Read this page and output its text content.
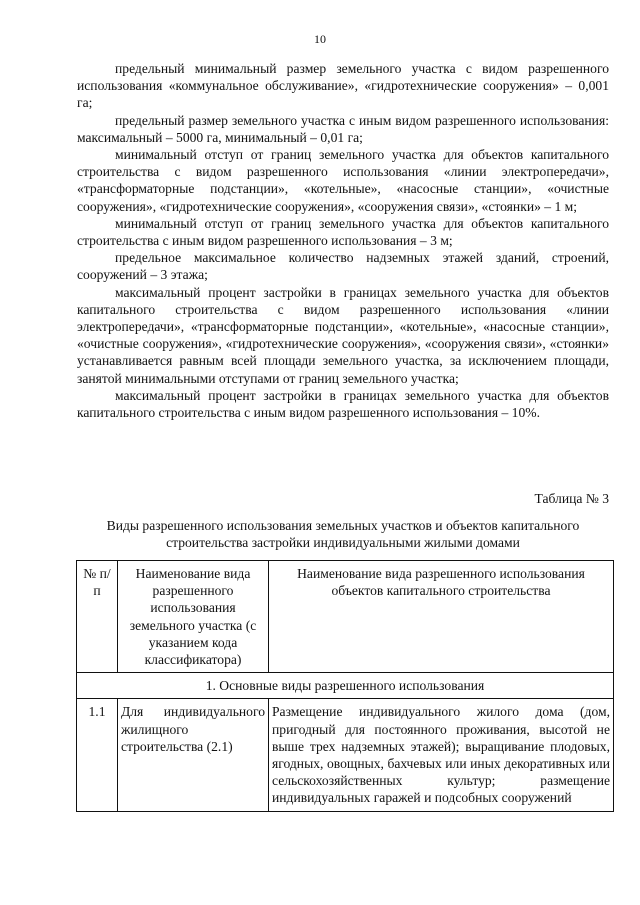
10

предельный минимальный размер земельного участка с видом разрешенного использования «коммунальное обслуживание», «гидротехнические сооружения» – 0,001 га;

предельный размер земельного участка с иным видом разрешенного использования: максимальный – 5000 га, минимальный – 0,01 га;

минимальный отступ от границ земельного участка для объектов капитального строительства с видом разрешенного использования «линии электропередачи», «трансформаторные подстанции», «котельные», «насосные станции», «очистные сооружения», «гидротехнические сооружения», «сооружения связи», «стоянки» – 1 м;

минимальный отступ от границ земельного участка для объектов капитального строительства с иным видом разрешенного использования – 3 м;

предельное максимальное количество надземных этажей зданий, строений, сооружений – 3 этажа;

максимальный процент застройки в границах земельного участка для объектов капитального строительства с видом разрешенного использования «линии электропередачи», «трансформаторные подстанции», «котельные», «насосные станции», «очистные сооружения», «гидротехнические сооружения», «сооружения связи», «стоянки» устанавливается равным всей площади земельного участка, за исключением площади, занятой минимальными отступами от границ земельного участка;

максимальный процент застройки в границах земельного участка для объектов капитального строительства с иным видом разрешенного использования – 10%.

Таблица № 3
Виды разрешенного использования земельных участков и объектов капитального строительства застройки индивидуальными жилыми домами
№ п/п	Наименование вида разрешенного использования земельного участка (с указанием кода классификатора)	Наименование вида разрешенного использования объектов капитального строительства
1. Основные виды разрешенного использования		
1.1	Для индивидуального жилищного строительства (2.1)	Размещение индивидуального жилого дома (дом, пригодный для постоянного проживания, высотой не выше трех надземных этажей); выращивание плодовых, ягодных, овощных, бахчевых или иных декоративных или сельскохозяйственных культур; размещение индивидуальных гаражей и подсобных сооружений
